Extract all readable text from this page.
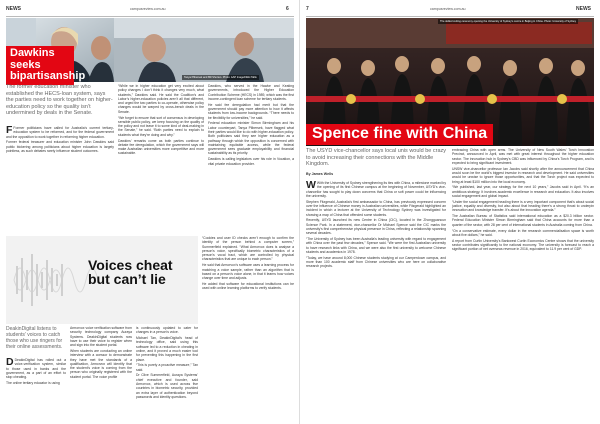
NEWS	campusreview.com.au	6
Dawkins seeks bipartisanship	Tanya Plibersek and Bill Shorten. Photo: AAP Image/Nikki Tallis
The former education minister who established the HECS-loan system, says the parties need to work together on higher-education policy so the quality isn’t undermined by deals in the Senate.

F Former politicians have called for Australia’s current tertiary-education system to be reformed, and for the federal government and the opposition to work together in reforming higher education.

Former federal treasurer and education minister John Dawkins said public bickering among politicians about higher education is largely pointless, as such debates rarely influence student outcomes.

“While we in higher education get very excited about policy changes I don’t think it changes very much, what students,” Dawkins said. He said the Coalition’s and Labor’s higher-education policies aren’t all that different, and urged the two parties to co-operate, otherwise policy changes would be warped by cross-bench deals in the Senate.

“We forget to ensure that sort of consensus in developing sensible public policy, we keep focusing on the quality of the policy and not leave it to some kind of deal-making in the Senate,” he said. “Both parties need to explain to students what they’re doing and why.”

Dawkins’ remarks come as both parties continue to debate fee deregulation, which the government says will make Australian universities more competitive and more sustainable.

Dawkins, who served in the Hawke and Keating governments, introduced the Higher Education Contribution Scheme (HECS) in 1989, which was the first income-contingent loan scheme for tertiary students.

He said fee deregulation had merit but that the government should pay more attention to how it affects students from low-income backgrounds. “There needs to be flexibility for universities,” he said.

Federal education minister Simon Birmingham and his Labor counterpart, Tanya Plibersek, have flagged what their parties would like to do with higher-education policy. Both politicians said they see higher education as a pathway through which the opposition is concerned with maintaining equitable access, while the federal government sees graduate employability and financial sustainability as its priority.

Dawkins is calling legislators over his role in Vocation, a vital private education provider.

Voices cheat but can’t lie
DeakinDigital listens to students’ voices to catch those who use ringers for their online assessments.

D DeakinDigital has rolled out a voice-verification system, similar to those used in banks and the government, as a part of an effort to stop cheating.

The online tertiary educator is using

Armorvox voice verification software from security technology company Auraya Systems. DeakinDigital students now have to use their voice to register when and sign into the student portal.

When students are conducting an online interview with a ccessor to demonstrate they have met the standards of a qualification, Armorvox will identify that the student’s voice is coming from the person who originally registered with the student portal. The voice profile

is continuously updated to cater for changes in a person’s voice.

Michael Tan, DeakinDigital’s head of technology office, said using this software led to a reduction in cheating in online, and it proved a much easier tool for preventing this happening in the first place.

“This is purely a proactive measure,” Tan said.

Dr Clive Summerfield, Auraya Systems’ chief executive and founder, said Armorvox, which is used across five countries in biometric security, provided an extra layer of authentication beyond passwords and identity questions.

“Cookies and user ID checks aren’t enough to confirm the identity of the person behind a computer screen,” Summerfield explained. “What Armorvox does is analyse a person’s voice, specifically biometric characteristics of a person’s vocal tract, which are controlled by physical characteristics that are unique to each person.”

He said that Armorvox’s software uses a learning process for matching a voice sample, rather than an algorithm that is based on a person’s voice alone, in that it learns how voices change over time and adjusts.

He added that software for educational institutions can be used with online learning platforms to verify students.

7	campusreview.com.au	NEWS
The skilled cutting ceremony opening the University of Sydney’s centre in Beijing in China. Photo: University of Sydney
Spence fine with China
The USYD vice-chancellor says local unis would be crazy to avoid increasing their connections with the Middle Kingdom.
By James Wells

W With the University of Sydney strengthening its ties with China, a milestone marked by the opening of its first Chinese campus at the beginning of November, USYD’s vice-chancellor has sought to play down concerns that China or soft power could be influencing the university.

Stephen Fitzgerald, Australia’s first ambassador to China, has previously expressed concern over the influence of Chinese money in Australian universities, while Fitzgerald highlighted an incident in which a lecturer at the University of Technology Sydney was investigated for showing a map of China that offended some students.

Recently, USYD launched its new Centre in China (CIC), located in the Zhongguancun Science Park. In a statement, vice-chancellor Dr Michael Spence said the CIC marks the university’s first comprehensive physical presence in China, reflecting a relationship spanning several decades.

“The University of Sydney has been Australia’s leading university with regard to engagement with China over the past few decades,” Spence said. “We were the first Australian university to have research links with China, and we were also the first university to welcome Chinese students and academics in 1978.

“Today, we have around 8,000 Chinese students studying at our Camperdown campus, and more than 100 academic staff from Chinese universities who are here on collaborative research projects.

embracing China with open arms. The University of New South Wales’ Torch Innovation Precinct, announced in April, was met with great interest throughout the higher education sector. The innovation hub in Sydney’s CBD was influenced by China’s Torch Program, and is expected to bring significant investment.

UNSW vice-chancellor professor Ian Jacobs said shortly after the announcement that China would soon be the world’s biggest investor in research and development. He said universities would be unwise to ignore those opportunities, and that the Torch project was expected to bring at least $100 million into the local economy.

“We published, last year, our strategy for the next 10 years,” Jacobs said in April. “It’s an ambitious strategy. It involves academic excellence in research and education. It also involves social engagement and global impact.

“Under the social engagement heading there is a very important component that’s about social justice, equality and diversity, but also about that heading there’s a strong thrust to underpin innovation and knowledge transfer. It’s about the innovation agenda.”

The Australian Bureau of Statistics said international education as a $20.3 billion sector. Federal Education Minister Simon Birmingham said that China accounts for more than a quarter of the sector, with 28 per cent of international students in Australia coming from China.

“On a conservative estimate, every dollar in the research commercialisation space is worth about five dollars,” he said.

A report from Curtin University’s Bankwest Curtin Economics Centre shows that the university sector contributes significantly to the national economy. The university is forecast to reach a significant portion of net overseas revenue in 2016, equivalent to 11.9 per cent of GDP.
